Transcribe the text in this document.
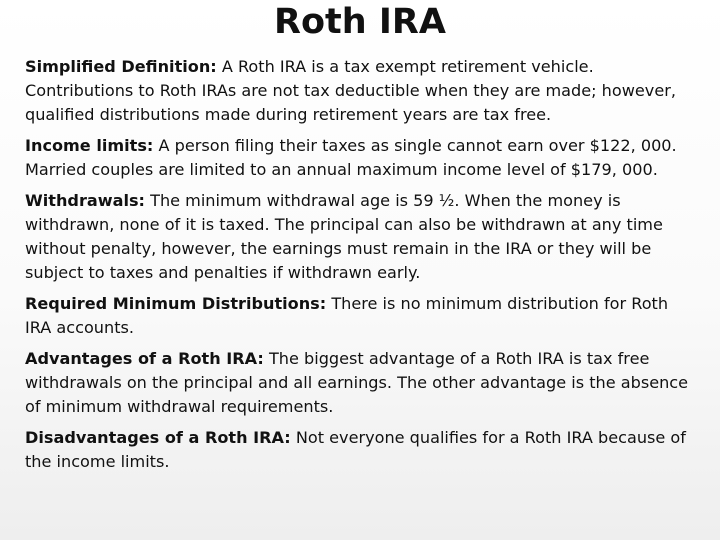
Roth IRA

Simplified Definition: A Roth IRA is a tax exempt retirement vehicle. Contributions to Roth IRAs are not tax deductible when they are made; however, qualified distributions made during retirement years are tax free.

Income limits: A person filing their taxes as single cannot earn over $122, 000. Married couples are limited to an annual maximum income level of $179, 000.

Withdrawals: The minimum withdrawal age is 59 ½. When the money is withdrawn, none of it is taxed. The principal can also be withdrawn at any time without penalty, however, the earnings must remain in the IRA or they will be subject to taxes and penalties if withdrawn early.

Required Minimum Distributions: There is no minimum distribution for Roth IRA accounts.

Advantages of a Roth IRA: The biggest advantage of a Roth IRA is tax free withdrawals on the principal and all earnings. The other advantage is the absence of minimum withdrawal requirements.

Disadvantages of a Roth IRA: Not everyone qualifies for a Roth IRA because of the income limits.
